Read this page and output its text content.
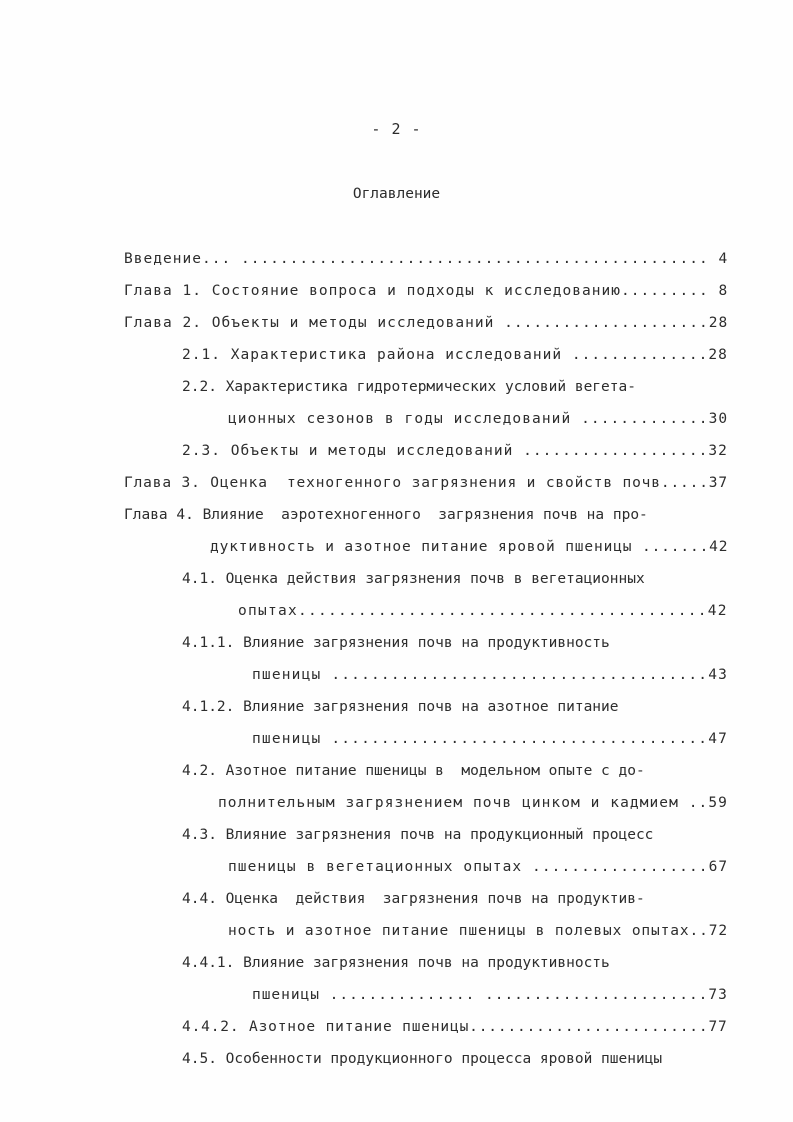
- 2 -
Оглавление
Введение... ................................................ 4
Глава 1. Состояние вопроса и подходы к исследованию......... 8
Глава 2. Объекты и методы исследований .....................28
2.1. Характеристика района исследований ..............28
2.2. Характеристика гидротермических условий вегета-
ционных сезонов в годы исследований .............30
2.3. Объекты и методы исследований ...................32
Глава 3. Оценка  техногенного загрязнения и свойств почв.....37
Глава 4. Влияние  аэротехногенного  загрязнения почв на про-
дуктивность и азотное питание яровой пшеницы .......42
4.1. Оценка действия загрязнения почв в вегетационных
опытах.........................................42
4.1.1. Влияние загрязнения почв на продуктивность
пшеницы ......................................43
4.1.2. Влияние загрязнения почв на азотное питание
пшеницы ......................................47
4.2. Азотное питание пшеницы в  модельном опыте с до-
полнительным загрязнением почв цинком и кадмием ..59
4.3. Влияние загрязнения почв на продукционный процесс
пшеницы в вегетационных опытах ..................67
4.4. Оценка  действия  загрязнения почв на продуктив-
ность и азотное питание пшеницы в полевых опытах..72
4.4.1. Влияние загрязнения почв на продуктивность
пшеницы ............... .......................73
4.4.2. Азотное питание пшеницы.........................77
4.5. Особенности продукционного процесса яровой пшеницы
